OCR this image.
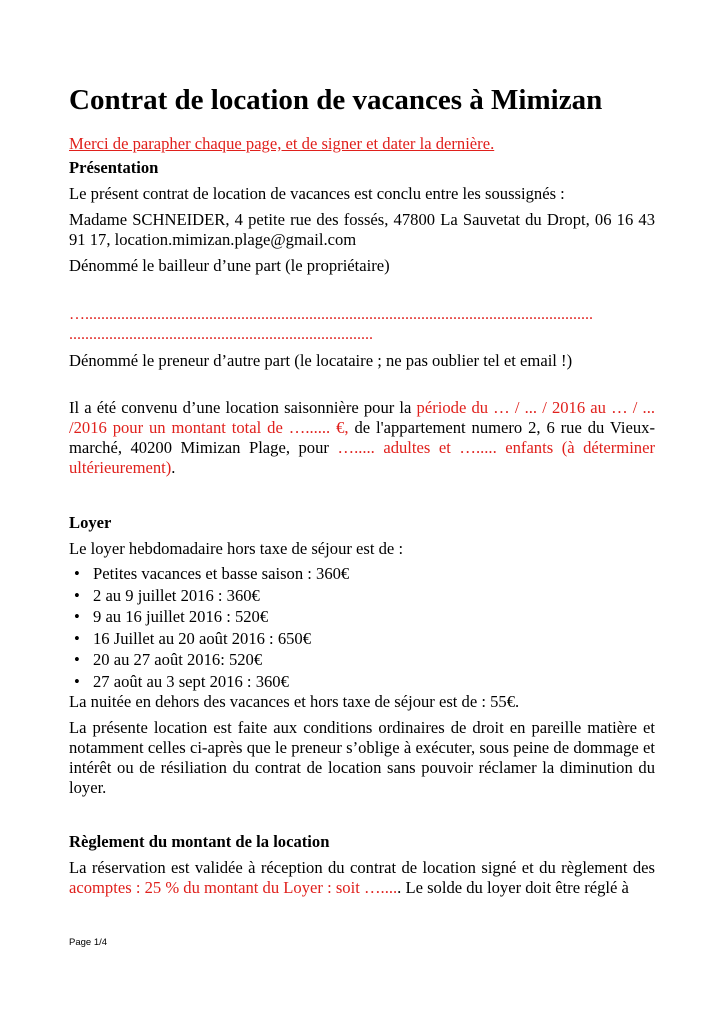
Contrat de location de vacances à Mimizan

Merci de parapher chaque page, et de signer et dater la dernière.

Présentation

Le présent contrat de location de vacances est conclu entre les soussignés :

Madame SCHNEIDER, 4 petite rue des fossés, 47800 La Sauvetat du Dropt, 06 16 43 91 17, location.mimizan.plage@gmail.com

Dénommé le bailleur d’une part (le propriétaire)

…...............................................................................................................................
............................................................................

Dénommé le preneur d’autre part (le locataire ; ne pas oublier tel et email !)

Il a été convenu d’une location saisonnière pour la période du … / ... / 2016 au … / ... /2016 pour un montant total de …...... €, de l'appartement numero 2, 6 rue du Vieux-marché, 40200 Mimizan Plage, pour …..... adultes et …..... enfants (à déterminer ultérieurement).

Loyer

Le loyer hebdomadaire hors taxe de séjour est de :

• Petites vacances et basse saison : 360€
• 2 au 9 juillet 2016 : 360€
• 9 au 16 juillet 2016 : 520€
• 16 Juillet au 20 août 2016 : 650€
• 20 au 27 août 2016: 520€
• 27 août au 3 sept 2016 : 360€

La nuitée en dehors des vacances et hors taxe de séjour est de : 55€.

La présente location est faite aux conditions ordinaires de droit en pareille matière et notamment celles ci-après que le preneur s’oblige à exécuter, sous peine de dommage et intérêt ou de résiliation du contrat de location sans pouvoir réclamer la diminution du loyer.

Règlement du montant de la location

La réservation est validée à réception du contrat de location signé et du règlement des acomptes : 25 % du montant du Loyer : soit …..... Le solde du loyer doit être réglé à

Page 1/4
